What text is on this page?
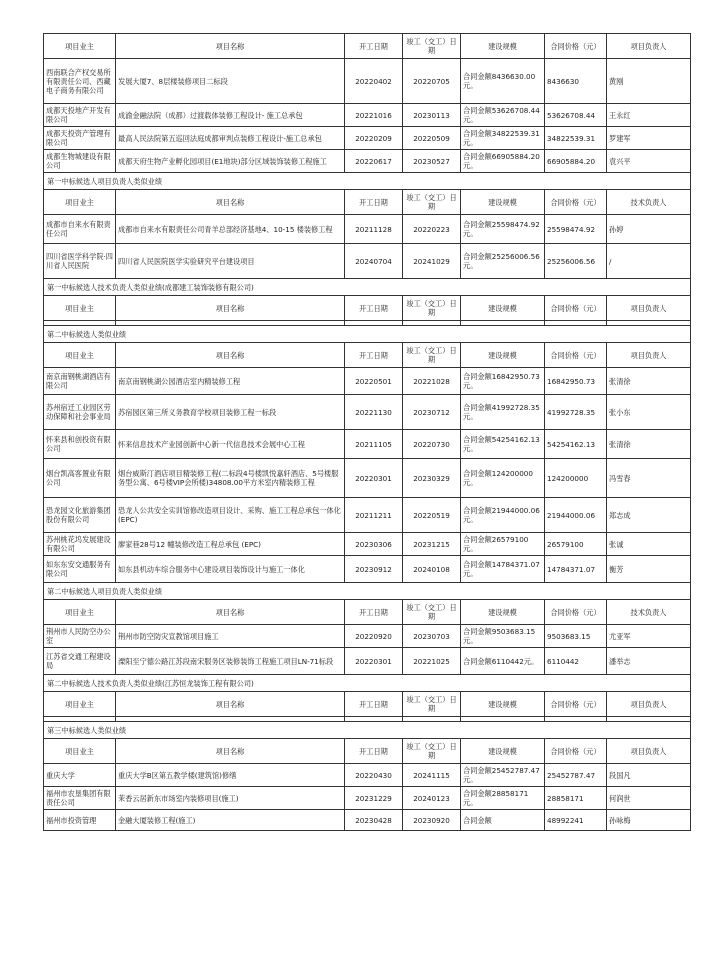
项目业主	项目名称	开工日期	竣工（交工）日期	建设规模	合同价格（元）	项目负责人
西南联合产权交易所有限责任公司、西藏电子商务有限公司	发展大厦7、8层楼装修项目二标段	20220402	20220705	合同金额8436630.00元。	8436630	黄刚
成都天投地产开发有限公司	成渝金融法院（成都）过渡载体装修工程设计- 施工总承包	20221016	20230113	合同金额53626708.44元。	53626708.44	王永红
成都天投资产管理有限公司	最高人民法院第五巡回法庭成都审判点装修工程设计-施工总承包	20220209	20220509	合同金额34822539.31元。	34822539.31	罗建军
成都生物城建设有限公司	成都天府生物产业孵化园项目(E1地块)部分区域装饰装修工程施工	20220617	20230527	合同金额66905884.20元。	66905884.20	袁兴平
第一中标候选人项目负责人类似业绩						
项目业主	项目名称	开工日期	竣工（交工）日期	建设规模	合同价格（元）	技术负责人
成都市自来水有限责任公司	成都市自来水有限责任公司青羊总部经济基地4、10-15 楼装修工程	20211128	20220223	合同金额25598474.92元。	25598474.92	孙婷
四川省医学科学院·四川省人民医院	四川省人民医院医学实验研究平台建设项目	20240704	20241029	合同金额25256006.56元。	25256006.56	/
第一中标候选人技术负责人类似业绩(成都建工装饰装修有限公司)						
项目业主	项目名称	开工日期	竣工（交工）日期	建设规模	合同价格（元）	项目负责人

第二中标候选人类似业绩						
项目业主	项目名称	开工日期	竣工（交工）日期	建设规模	合同价格（元）	项目负责人
南京南钢桃湖酒店有限公司	南京南钢桃湖公园酒店室内精装修工程	20220501	20221028	合同金额16842950.73元。	16842950.73	张清徐
苏州宿迁工业园区劳动保障和社会事业局	苏宿园区第三所义务教育学校项目装修工程一标段	20221130	20230712	合同金额41992728.35元。	41992728.35	张小东
怀来县和创投资有限公司	怀来信息技术产业园创新中心新一代信息技术会展中心工程	20211105	20220730	合同金额54254162.13元。	54254162.13	张清徐
烟台凯高客置业有限公司	烟台威斯汀酒店项目精装修工程(二标段4号楼凯悦嘉轩酒店、5号楼服务型公寓、6号楼VIP会所楼)34808.00平方米室内精装修工程	20220301	20230329	合同金额124200000元。	124200000	冯雪春
恐龙园文化旅游集团股份有限公司	恐龙人公共安全实训馆修改造项目设计、采购、施工工程总承包一体化(EPC)	20211211	20220519	合同金额21944000.06元。	21944000.06	郑志成
苏州桃花坞发展建设有限公司	廖家巷28号12 幢装修改造工程总承包 (EPC)	20230306	20231215	合同金额26579100元。	26579100	张诚
如东东安交通服务有限公司	如东县机动车综合服务中心建设项目装饰设计与施工一体化	20230912	20240108	合同金额14784371.07元。	14784371.07	衡芳
第二中标候选人项目负责人类似业绩						
项目业主	项目名称	开工日期	竣工（交工）日期	建设规模	合同价格（元）	技术负责人
荆州市人民防空办公室	荆州市防空防灾宣教馆项目施工	20220920	20230703	合同金额9503683.15元。	9503683.15	尤亚军
江苏省交通工程建设局	溧阳至宁德公路江苏段南宋服务区装修装饰工程施工项目LN-71标段	20220301	20221025	合同金额6110442元。	6110442	潘举志
第二中标候选人技术负责人类似业绩(江苏恒龙装饰工程有限公司)						
项目业主	项目名称	开工日期	竣工（交工）日期	建设规模	合同价格（元）	项目负责人

第三中标候选人类似业绩						
项目业主	项目名称	开工日期	竣工（交工）日期	建设规模	合同价格（元）	项目负责人
重庆大学	重庆大学B区第五教学楼(建筑馆)修缮	20220430	20241115	合同金额25452787.47元。	25452787.47	段国凡
福州市农垦集团有限责任公司	茉香云居新东市场室内装修项目(施工)	20231229	20240123	合同金额28858171元。	28858171	何润世
福州市投资管理	金融大厦装修工程(施工)	20230428	20230920	合同金额	48992241	孙咏梅
